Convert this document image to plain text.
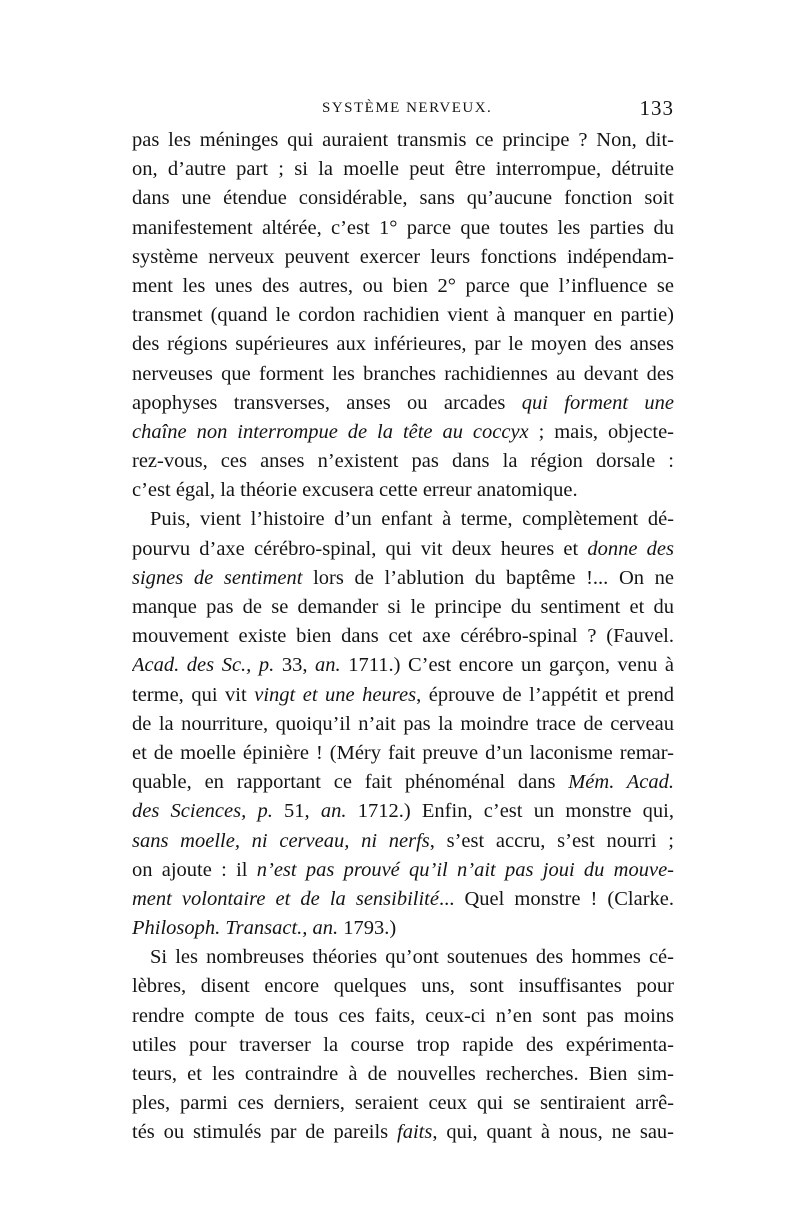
SYSTÈME NERVEUX.	133
pas les méninges qui auraient transmis ce principe ? Non, dit-
on, d’autre part ; si la moelle peut être interrompue, détruite
dans une étendue considérable, sans qu’aucune fonction soit
manifestement altérée, c’est 1° parce que toutes les parties du
système nerveux peuvent exercer leurs fonctions indépendam-
ment les unes des autres, ou bien 2° parce que l’influence se
transmet (quand le cordon rachidien vient à manquer en partie)
des régions supérieures aux inférieures, par le moyen des anses
nerveuses que forment les branches rachidiennes au devant des
apophyses transverses, anses ou arcades qui forment une
chaîne non interrompue de la tête au coccyx ; mais, objecte-
rez-vous, ces anses n’existent pas dans la région dorsale :
c’est égal, la théorie excusera cette erreur anatomique.
Puis, vient l’histoire d’un enfant à terme, complètement dé-
pourvu d’axe cérébro-spinal, qui vit deux heures et donne des
signes de sentiment lors de l’ablution du baptême !... On ne
manque pas de se demander si le principe du sentiment et du
mouvement existe bien dans cet axe cérébro-spinal ? (Fauvel.
Acad. des Sc., p. 33, an. 1711.) C’est encore un garçon, venu à
terme, qui vit vingt et une heures, éprouve de l’appétit et prend
de la nourriture, quoiqu’il n’ait pas la moindre trace de cerveau
et de moelle épinière ! (Méry fait preuve d’un laconisme remar-
quable, en rapportant ce fait phénoménal dans Mém. Acad.
des Sciences, p. 51, an. 1712.) Enfin, c’est un monstre qui,
sans moelle, ni cerveau, ni nerfs, s’est accru, s’est nourri ;
on ajoute : il n’est pas prouvé qu’il n’ait pas joui du mouve-
ment volontaire et de la sensibilité... Quel monstre ! (Clarke.
Philosoph. Transact., an. 1793.)
Si les nombreuses théories qu’ont soutenues des hommes cé-
lèbres, disent encore quelques uns, sont insuffisantes pour
rendre compte de tous ces faits, ceux-ci n’en sont pas moins
utiles pour traverser la course trop rapide des expérimenta-
teurs, et les contraindre à de nouvelles recherches. Bien sim-
ples, parmi ces derniers, seraient ceux qui se sentiraient arrê-
tés ou stimulés par de pareils faits, qui, quant à nous, ne sau-
